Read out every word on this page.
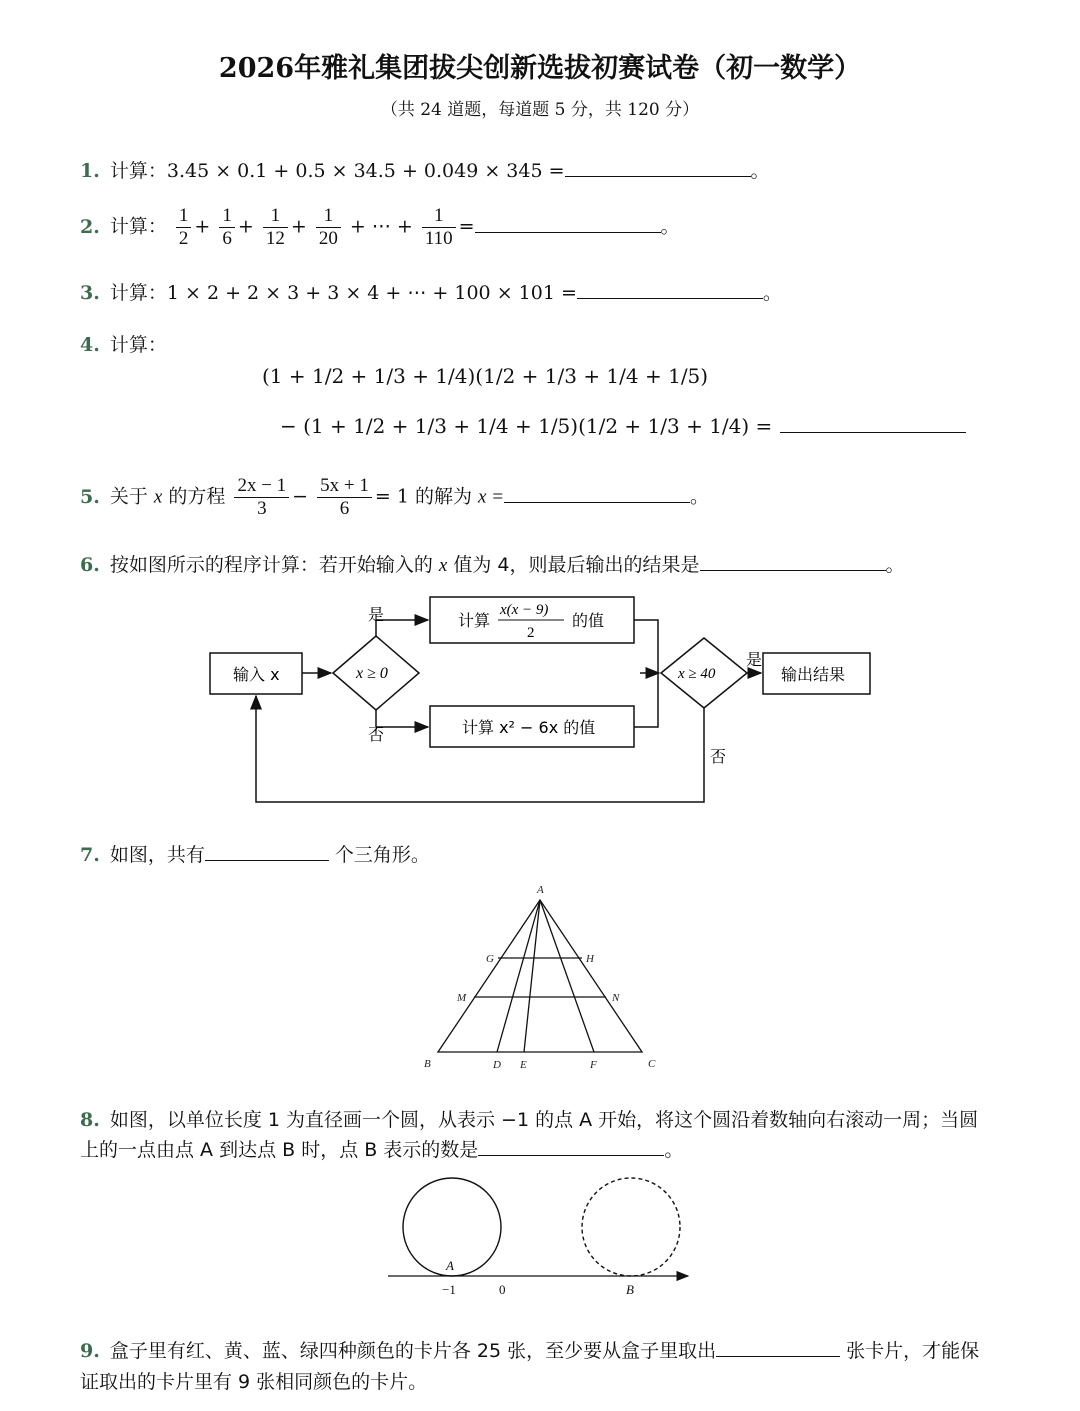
2026年雅礼集团拔尖创新选拔初赛试卷（初一数学）
（共 24 道题，每道题 5 分，共 120 分）
1. 计算：3.45 × 0.1 + 0.5 × 34.5 + 0.049 × 345 =	。
2. 计算： $\frac{1}{2} + \frac{1}{6} + \frac{1}{12} + \frac{1}{20}$ + ⋯ + $\frac{1}{110}$ =	。
3. 计算：1 × 2 + 2 × 3 + 3 × 4 + ⋯ + 100 × 101 =	。
4. 计算：
(1 + 1/2 + 1/3 + 1/4)(1/2 + 1/3 + 1/4 + 1/5)
− (1 + 1/2 + 1/3 + 1/4 + 1/5)(1/2 + 1/3 + 1/4) =
5. 关于 x 的方程 $\frac{2x - 1}{3} - \frac{5x + 1}{6} = 1$ 的解为 x =	。
6. 按如图所示的程序计算：若开始输入的 x 值为 4，则最后输出的结果是	。
输入 x	x ≥ 0
是
否
计算
x(x − 9)
2
的值
计算 x² − 6x 的值
x ≥ 40
是
否
输出结果
7. 如图，共有	个三角形。
A
G	H
M	N
B	D E	F	C
8. 如图，以单位长度 1 为直径画一个圆，从表示 −1 的点 A 开始，将这个圆沿着数轴向右滚动一周；当圆
上的一点由点 A 到达点 B 时，点 B 表示的数是	。
A
−1	0	B
9. 盒子里有红、黄、蓝、绿四种颜色的卡片各 25 张，至少要从盒子里取出	张卡片，才能保
证取出的卡片里有 9 张相同颜色的卡片。
